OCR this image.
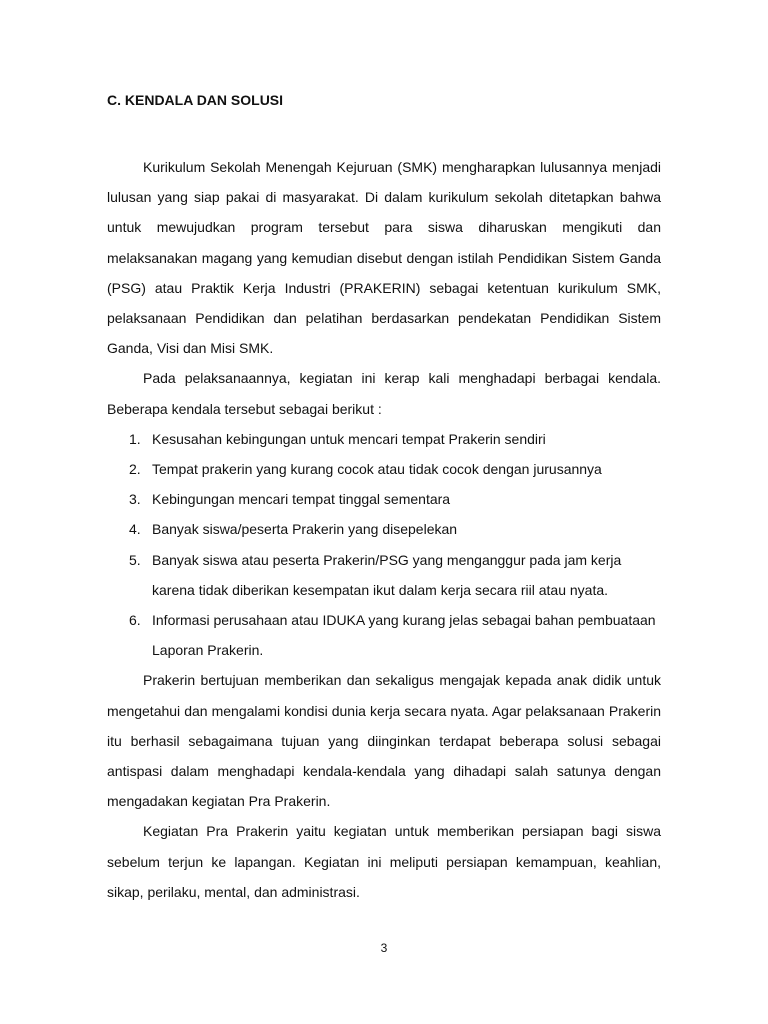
C. KENDALA DAN SOLUSI

Kurikulum Sekolah Menengah Kejuruan (SMK) mengharapkan lulusannya menjadi lulusan yang siap pakai di masyarakat. Di dalam kurikulum sekolah ditetapkan bahwa untuk mewujudkan program tersebut para siswa diharuskan mengikuti dan melaksanakan magang yang kemudian disebut dengan istilah Pendidikan Sistem Ganda (PSG) atau Praktik Kerja Industri (PRAKERIN) sebagai ketentuan kurikulum SMK, pelaksanaan Pendidikan dan pelatihan berdasarkan pendekatan Pendidikan Sistem Ganda, Visi dan Misi SMK.

Pada pelaksanaannya, kegiatan ini kerap kali menghadapi berbagai kendala. Beberapa kendala tersebut sebagai berikut :

1. Kesusahan kebingungan untuk mencari tempat Prakerin sendiri
2. Tempat prakerin yang kurang cocok atau tidak cocok dengan jurusannya
3. Kebingungan mencari tempat tinggal sementara
4. Banyak siswa/peserta Prakerin yang disepelekan
5. Banyak siswa atau peserta Prakerin/PSG yang menganggur pada jam kerja karena tidak diberikan kesempatan ikut dalam kerja secara riil atau nyata.
6. Informasi perusahaan atau IDUKA yang kurang jelas sebagai bahan pembuataan Laporan Prakerin.

Prakerin bertujuan memberikan dan sekaligus mengajak kepada anak didik untuk mengetahui dan mengalami kondisi dunia kerja secara nyata. Agar pelaksanaan Prakerin itu berhasil sebagaimana tujuan yang diinginkan terdapat beberapa solusi sebagai antispasi dalam menghadapi kendala-kendala yang dihadapi salah satunya dengan mengadakan kegiatan Pra Prakerin.

Kegiatan Pra Prakerin yaitu kegiatan untuk memberikan persiapan bagi siswa sebelum terjun ke lapangan. Kegiatan ini meliputi persiapan kemampuan, keahlian, sikap, perilaku, mental, dan administrasi.

3
